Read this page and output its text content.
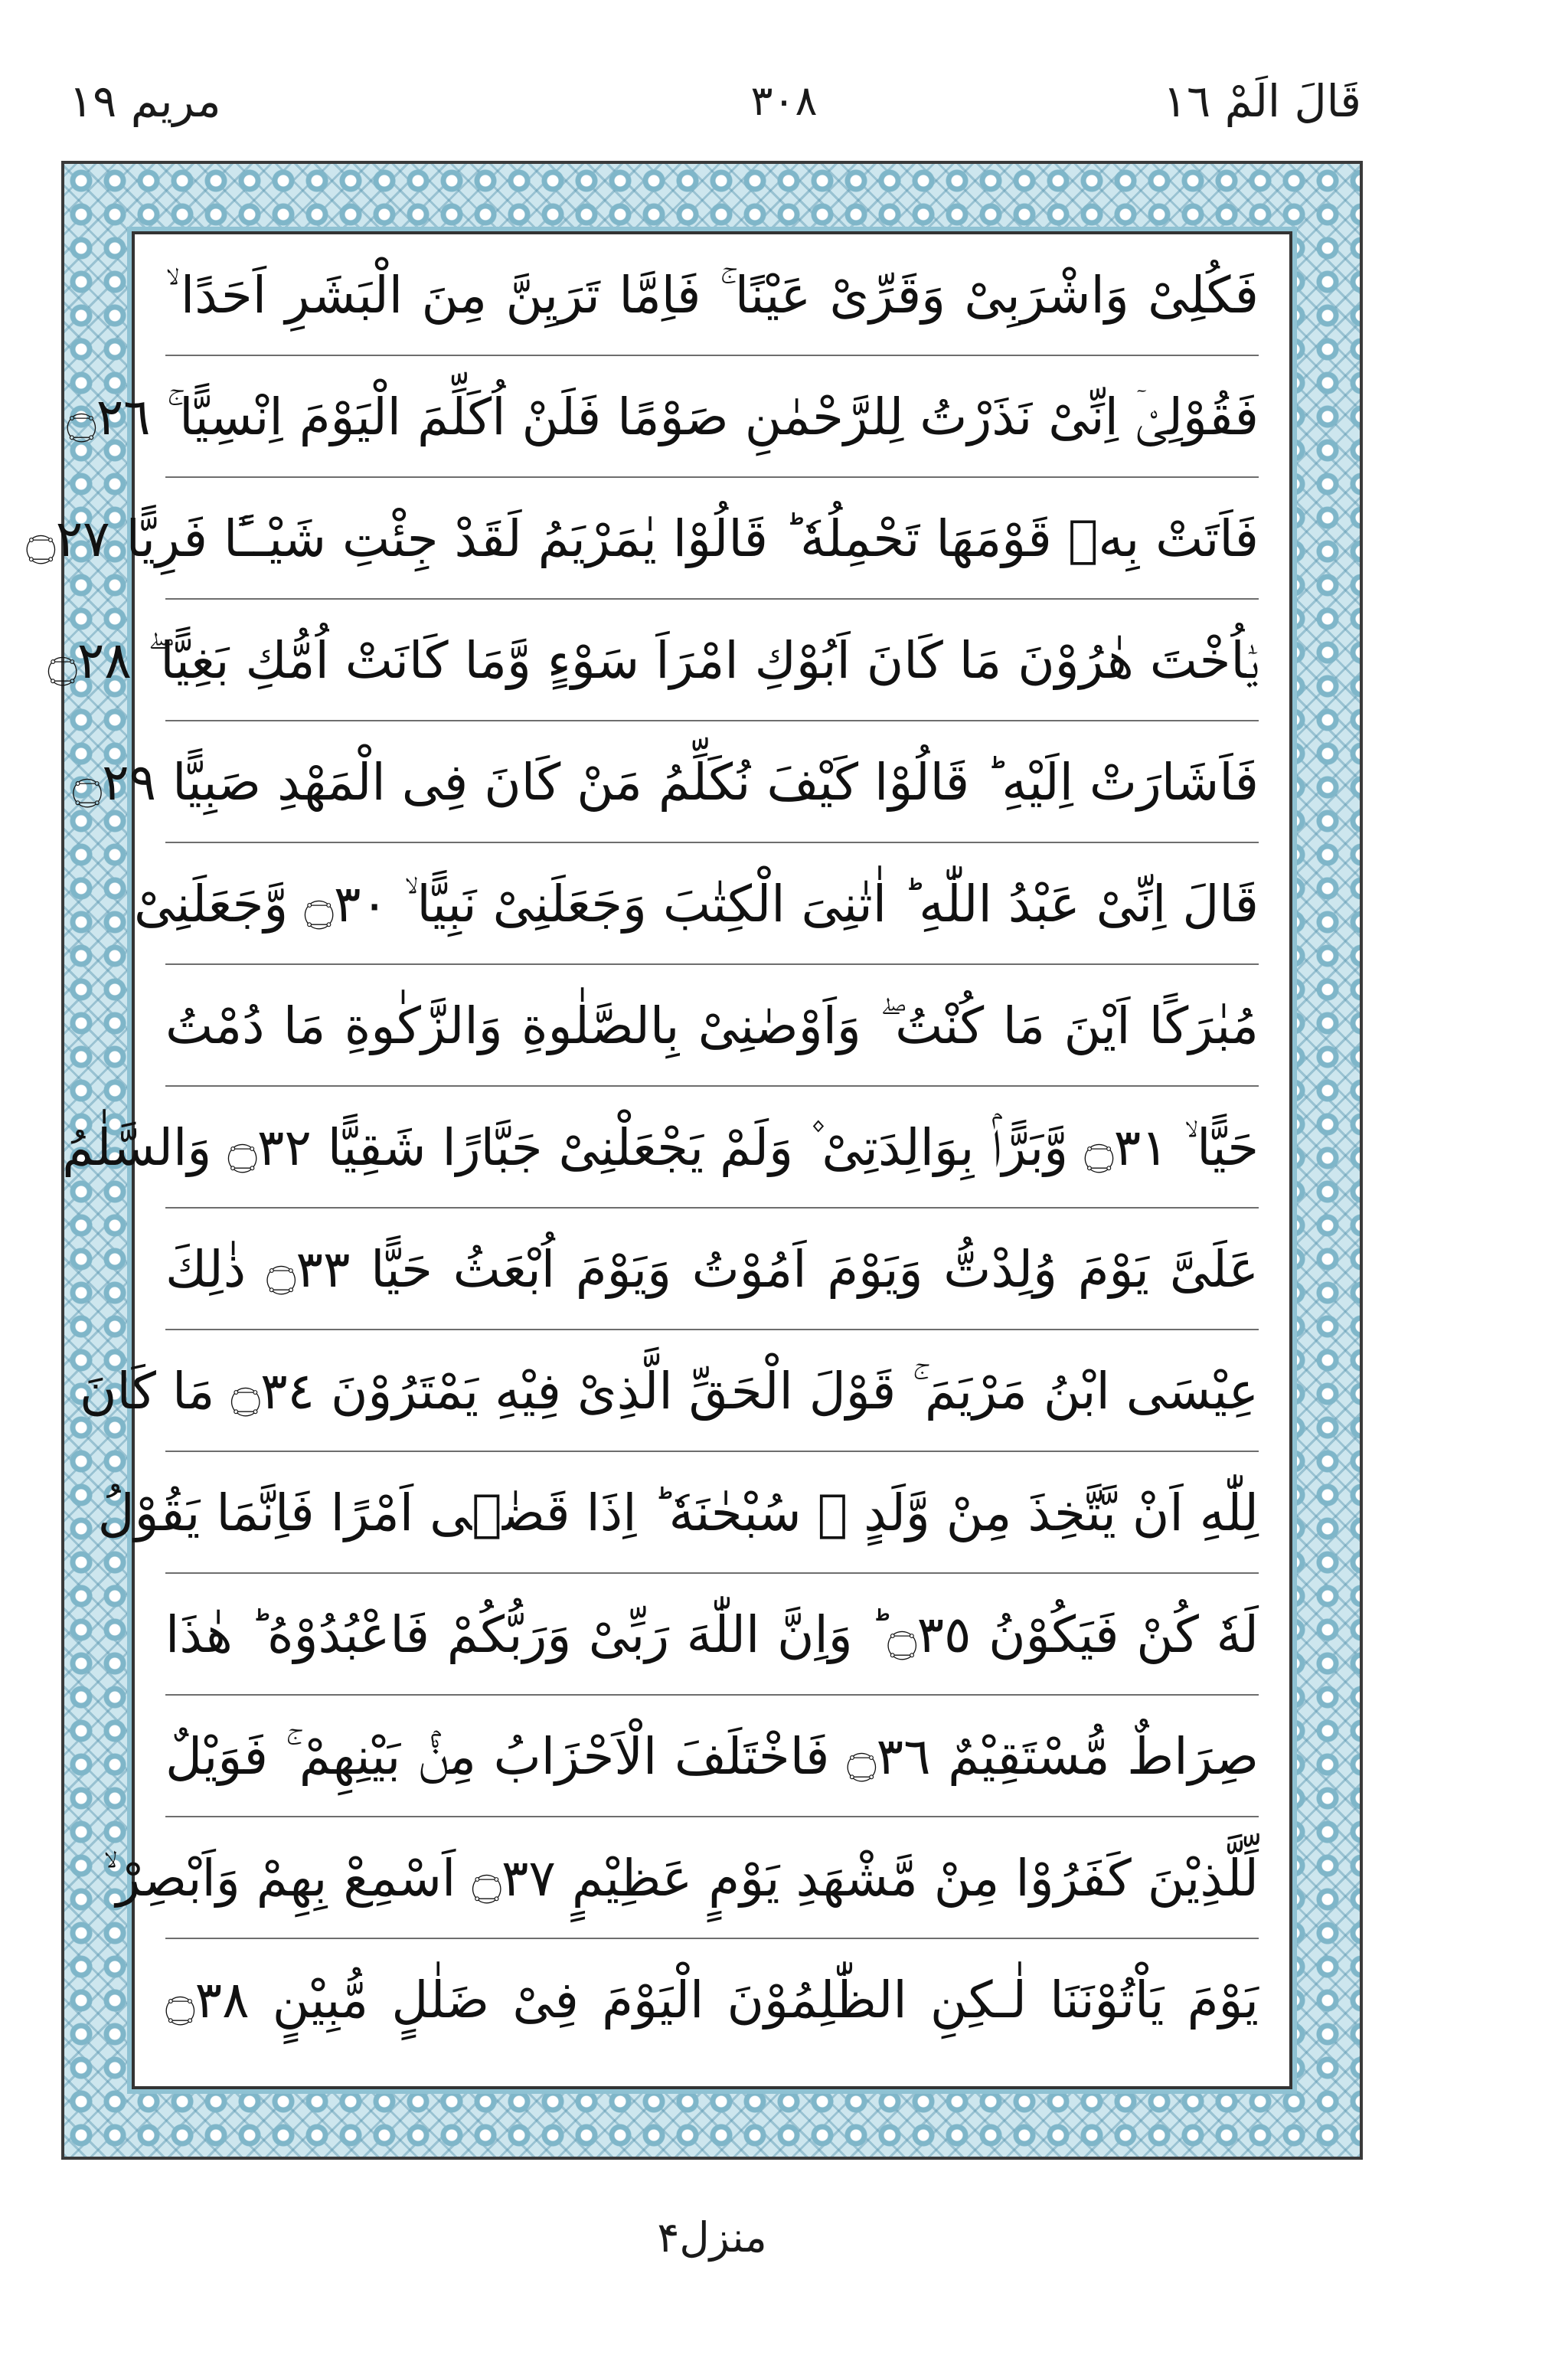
قَالَ الَمْ ١٦
٣٠٨
مريم ١٩
فَكُلِىْ وَاشْرَبِىْ وَقَرِّىْ عَيْنًا ۚ فَاِمَّا تَرَيِنَّ مِنَ الْبَشَرِ اَحَدًا ۙ
فَقُوْلِىْۤ اِنِّىْ نَذَرْتُ لِلرَّحْمٰنِ صَوْمًا فَلَنْ اُكَلِّمَ الْيَوْمَ اِنْسِيًّا ۚ ۝٢٦
فَاَتَتْ بِهٖ قَوْمَهَا تَحْمِلُهٗ ؕ قَالُوْا يٰمَرْيَمُ لَقَدْ جِئْتِ شَيْــًٔا فَرِيًّا ۝٢٧
يٰۤاُخْتَ هٰرُوْنَ مَا كَانَ اَبُوْكِ امْرَاَ سَوْءٍ وَّمَا كَانَتْ اُمُّكِ بَغِيًّا ۖ ۝٢٨
فَاَشَارَتْ اِلَيْهِ ؕ قَالُوْا كَيْفَ نُكَلِّمُ مَنْ كَانَ فِى الْمَهْدِ صَبِيًّا ۝٢٩
قَالَ اِنِّىْ عَبْدُ اللّٰهِ ؕ اٰتٰنِىَ الْكِتٰبَ وَجَعَلَنِىْ نَبِيًّا ۙ ۝٣٠ وَّجَعَلَنِىْ
مُبٰرَكًا اَيْنَ مَا كُنْتُ ۖ وَاَوْصٰنِىْ بِالصَّلٰوةِ وَالزَّكٰوةِ مَا دُمْتُ
حَيًّا ۙ ۝٣١ وَّبَرًّاۢ بِوَالِدَتِىْ ۫ وَلَمْ يَجْعَلْنِىْ جَبَّارًا شَقِيًّا ۝٣٢ وَالسَّلٰمُ
عَلَىَّ يَوْمَ وُلِدْتُّ وَيَوْمَ اَمُوْتُ وَيَوْمَ اُبْعَثُ حَيًّا ۝٣٣ ذٰلِكَ
عِيْسَى ابْنُ مَرْيَمَ ۚ قَوْلَ الْحَقِّ الَّذِىْ فِيْهِ يَمْتَرُوْنَ ۝٣٤ مَا كَانَ
لِلّٰهِ اَنْ يَّتَّخِذَ مِنْ وَّلَدٍ ۙ سُبْحٰنَهٗ ؕ اِذَا قَضٰۤى اَمْرًا فَاِنَّمَا يَقُوْلُ
لَهٗ كُنْ فَيَكُوْنُ ۝٣٥ ؕ وَاِنَّ اللّٰهَ رَبِّىْ وَرَبُّكُمْ فَاعْبُدُوْهُ ؕ هٰذَا
صِرَاطٌ مُّسْتَقِيْمٌ ۝٣٦ فَاخْتَلَفَ الْاَحْزَابُ مِنْۢ بَيْنِهِمْ ۚ فَوَيْلٌ
لِّلَّذِيْنَ كَفَرُوْا مِنْ مَّشْهَدِ يَوْمٍ عَظِيْمٍ ۝٣٧ اَسْمِعْ بِهِمْ وَاَبْصِرْ ۙ
يَوْمَ يَاْتُوْنَنَا لٰـكِنِ الظّٰلِمُوْنَ الْيَوْمَ فِىْ ضَلٰلٍ مُّبِيْنٍ ۝٣٨
منزل۴
